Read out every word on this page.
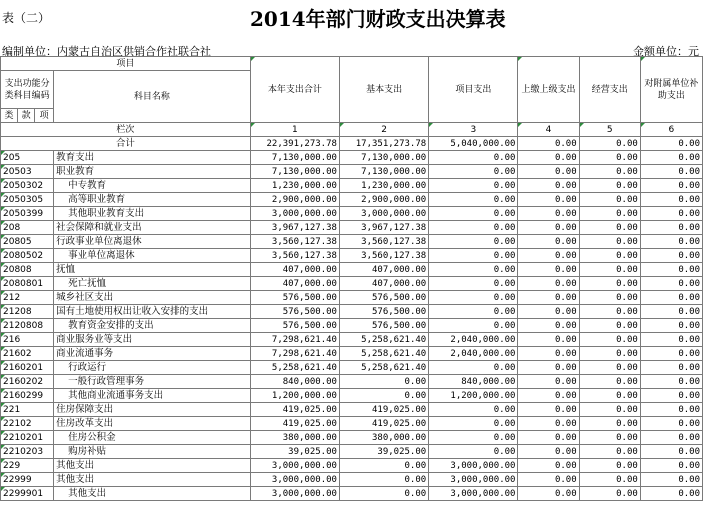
表（二）	2014年部门财政支出决算表
编制单位：内蒙古自治区供销合作社联合社	金额单位：元
项目				本年支出合计	基本支出	项目支出	上缴上级支出	经营支出	对附属单位补助支出
支出功能分类科目编码			科目名称						
类	款	项							
栏次				1	2	3	4	5	6
合计				22,391,273.78	17,351,273.78	5,040,000.00	0.00	0.00	0.00
205			教育支出	7,130,000.00	7,130,000.00	0.00	0.00	0.00	0.00
20503			职业教育	7,130,000.00	7,130,000.00	0.00	0.00	0.00	0.00
2050302			中专教育	1,230,000.00	1,230,000.00	0.00	0.00	0.00	0.00
2050305			高等职业教育	2,900,000.00	2,900,000.00	0.00	0.00	0.00	0.00
2050399			其他职业教育支出	3,000,000.00	3,000,000.00	0.00	0.00	0.00	0.00
208			社会保障和就业支出	3,967,127.38	3,967,127.38	0.00	0.00	0.00	0.00
20805			行政事业单位离退休	3,560,127.38	3,560,127.38	0.00	0.00	0.00	0.00
2080502			事业单位离退休	3,560,127.38	3,560,127.38	0.00	0.00	0.00	0.00
20808			抚恤	407,000.00	407,000.00	0.00	0.00	0.00	0.00
2080801			死亡抚恤	407,000.00	407,000.00	0.00	0.00	0.00	0.00
212			城乡社区支出	576,500.00	576,500.00	0.00	0.00	0.00	0.00
21208			国有土地使用权出让收入安排的支出	576,500.00	576,500.00	0.00	0.00	0.00	0.00
2120808			教育资金安排的支出	576,500.00	576,500.00	0.00	0.00	0.00	0.00
216			商业服务业等支出	7,298,621.40	5,258,621.40	2,040,000.00	0.00	0.00	0.00
21602			商业流通事务	7,298,621.40	5,258,621.40	2,040,000.00	0.00	0.00	0.00
2160201			行政运行	5,258,621.40	5,258,621.40	0.00	0.00	0.00	0.00
2160202			一般行政管理事务	840,000.00	0.00	840,000.00	0.00	0.00	0.00
2160299			其他商业流通事务支出	1,200,000.00	0.00	1,200,000.00	0.00	0.00	0.00
221			住房保障支出	419,025.00	419,025.00	0.00	0.00	0.00	0.00
22102			住房改革支出	419,025.00	419,025.00	0.00	0.00	0.00	0.00
2210201			住房公积金	380,000.00	380,000.00	0.00	0.00	0.00	0.00
2210203			购房补贴	39,025.00	39,025.00	0.00	0.00	0.00	0.00
229			其他支出	3,000,000.00	0.00	3,000,000.00	0.00	0.00	0.00
22999			其他支出	3,000,000.00	0.00	3,000,000.00	0.00	0.00	0.00
2299901			其他支出	3,000,000.00	0.00	3,000,000.00	0.00	0.00	0.00
